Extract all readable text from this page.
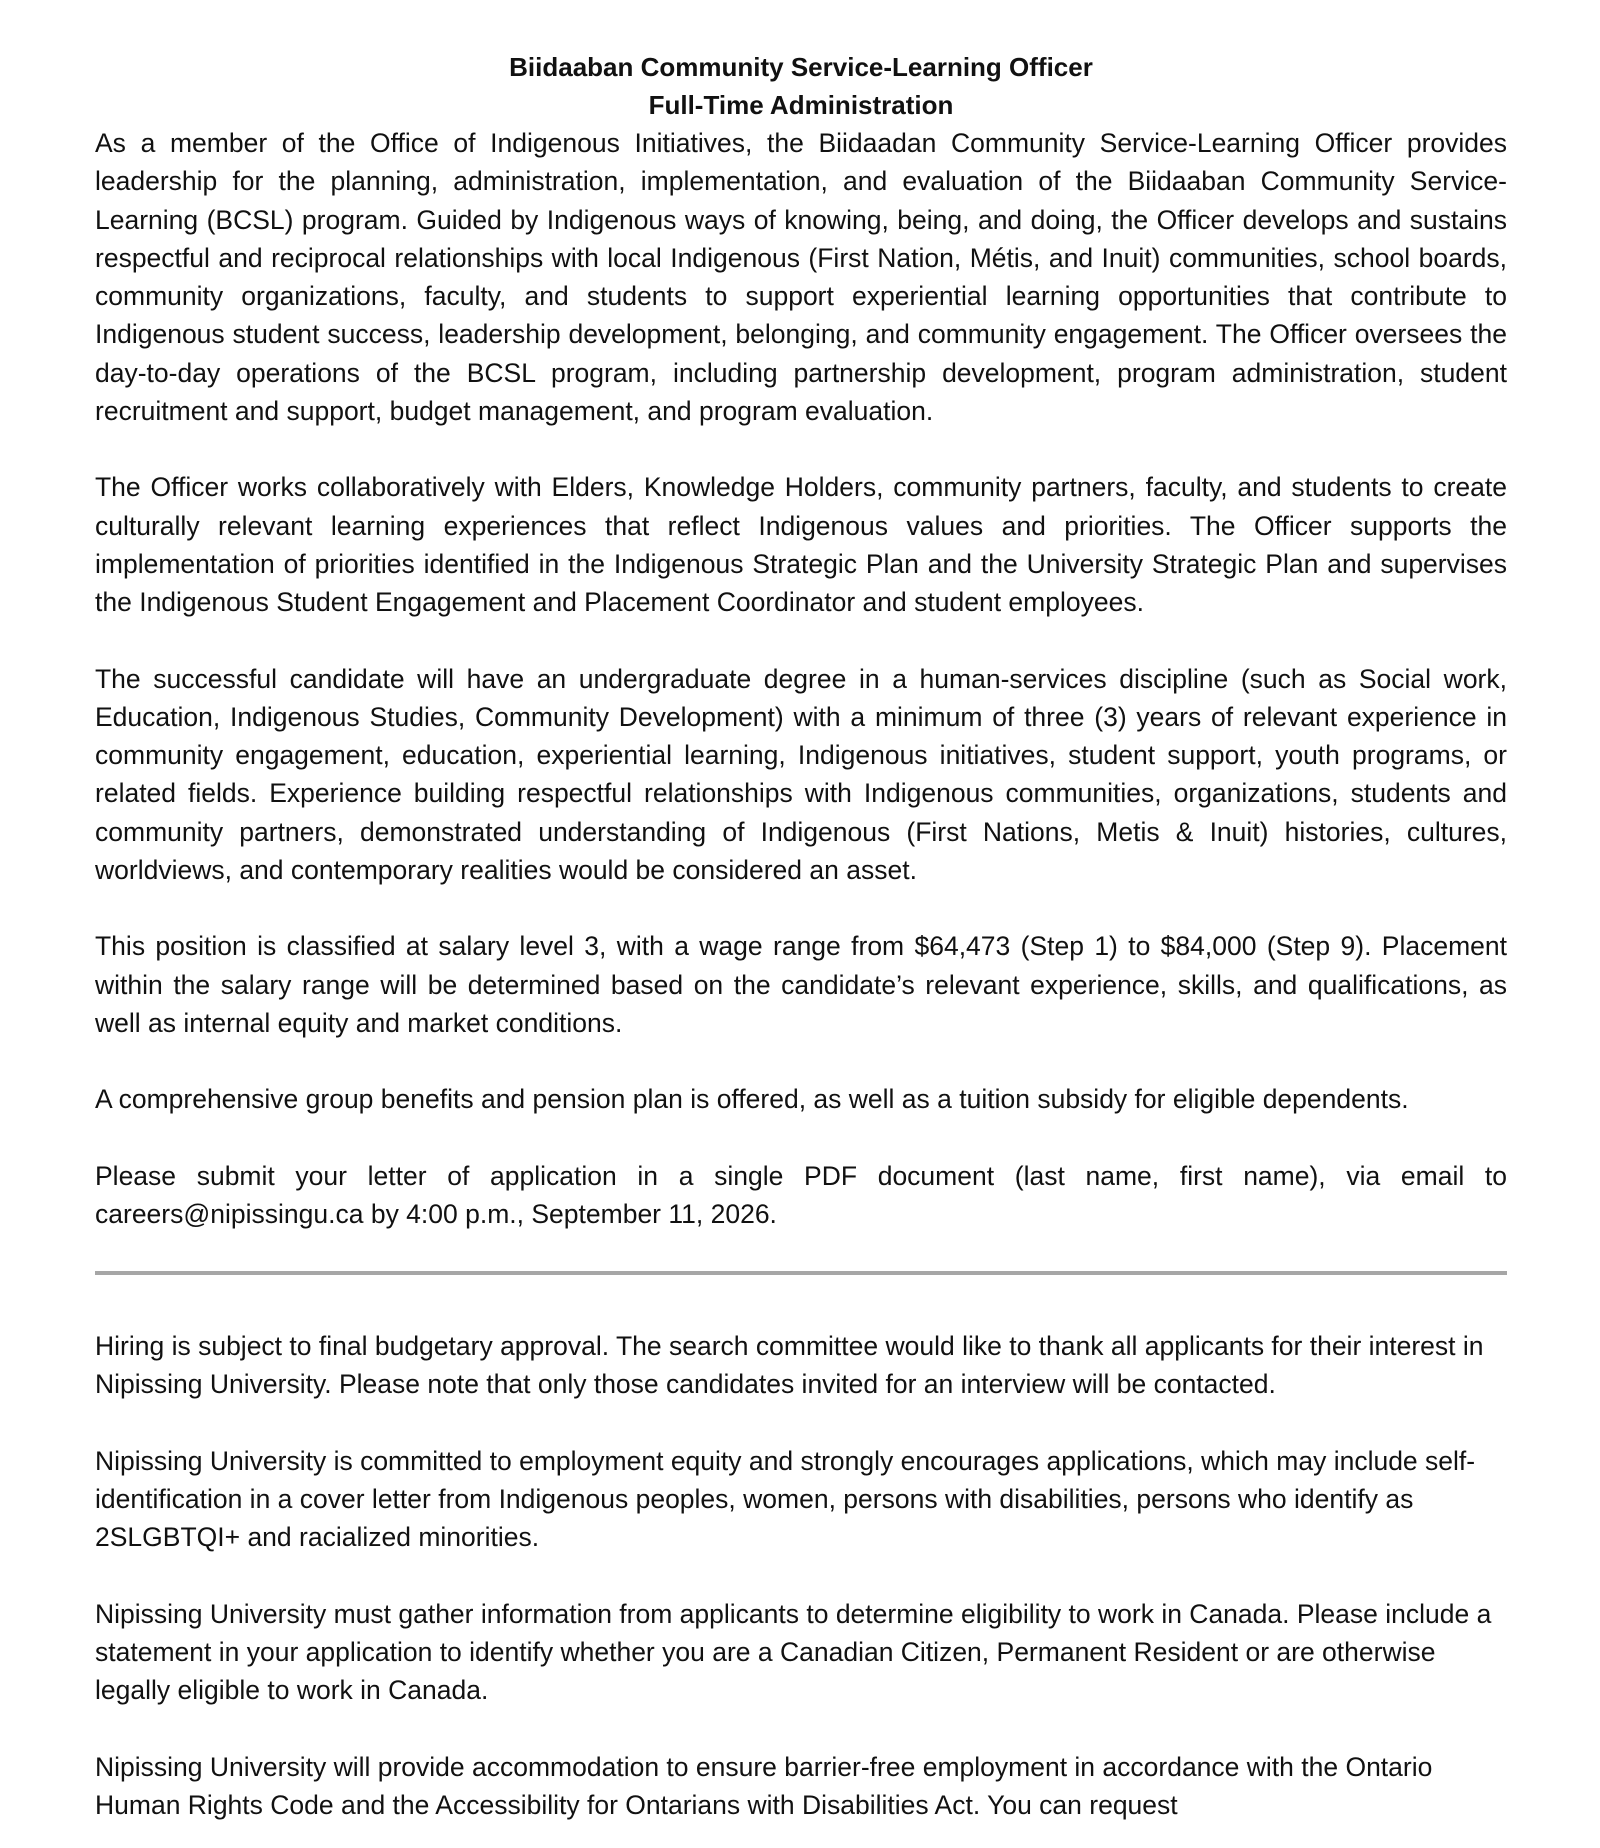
Biidaaban Community Service-Learning Officer

Full-Time Administration

As a member of the Office of Indigenous Initiatives, the Biidaadan Community Service-Learning Officer provides leadership for the planning, administration, implementation, and evaluation of the Biidaaban Community Service-Learning (BCSL) program. Guided by Indigenous ways of knowing, being, and doing, the Officer develops and sustains respectful and reciprocal relationships with local Indigenous (First Nation, Métis, and Inuit) communities, school boards, community organizations, faculty, and students to support experiential learning opportunities that contribute to Indigenous student success, leadership development, belonging, and community engagement. The Officer oversees the day-to-day operations of the BCSL program, including partnership development, program administration, student recruitment and support, budget management, and program evaluation.

The Officer works collaboratively with Elders, Knowledge Holders, community partners, faculty, and students to create culturally relevant learning experiences that reflect Indigenous values and priorities. The Officer supports the implementation of priorities identified in the Indigenous Strategic Plan and the University Strategic Plan and supervises the Indigenous Student Engagement and Placement Coordinator and student employees.

The successful candidate will have an undergraduate degree in a human-services discipline (such as Social work, Education, Indigenous Studies, Community Development) with a minimum of three (3) years of relevant experience in community engagement, education, experiential learning, Indigenous initiatives, student support, youth programs, or related fields. Experience building respectful relationships with Indigenous communities, organizations, students and community partners, demonstrated understanding of Indigenous (First Nations, Metis & Inuit) histories, cultures, worldviews, and contemporary realities would be considered an asset.

This position is classified at salary level 3, with a wage range from $64,473 (Step 1) to $84,000 (Step 9). Placement within the salary range will be determined based on the candidate’s relevant experience, skills, and qualifications, as well as internal equity and market conditions.

A comprehensive group benefits and pension plan is offered, as well as a tuition subsidy for eligible dependents.

Please submit your letter of application in a single PDF document (last name, first name), via email to careers@nipissingu.ca by 4:00 p.m., September 11, 2026.

Hiring is subject to final budgetary approval. The search committee would like to thank all applicants for their interest in Nipissing University. Please note that only those candidates invited for an interview will be contacted.

Nipissing University is committed to employment equity and strongly encourages applications, which may include self-identification in a cover letter from Indigenous peoples, women, persons with disabilities, persons who identify as 2SLGBTQI+ and racialized minorities.

Nipissing University must gather information from applicants to determine eligibility to work in Canada. Please include a statement in your application to identify whether you are a Canadian Citizen, Permanent Resident or are otherwise legally eligible to work in Canada.

Nipissing University will provide accommodation to ensure barrier-free employment in accordance with the Ontario Human Rights Code and the Accessibility for Ontarians with Disabilities Act. You can request
